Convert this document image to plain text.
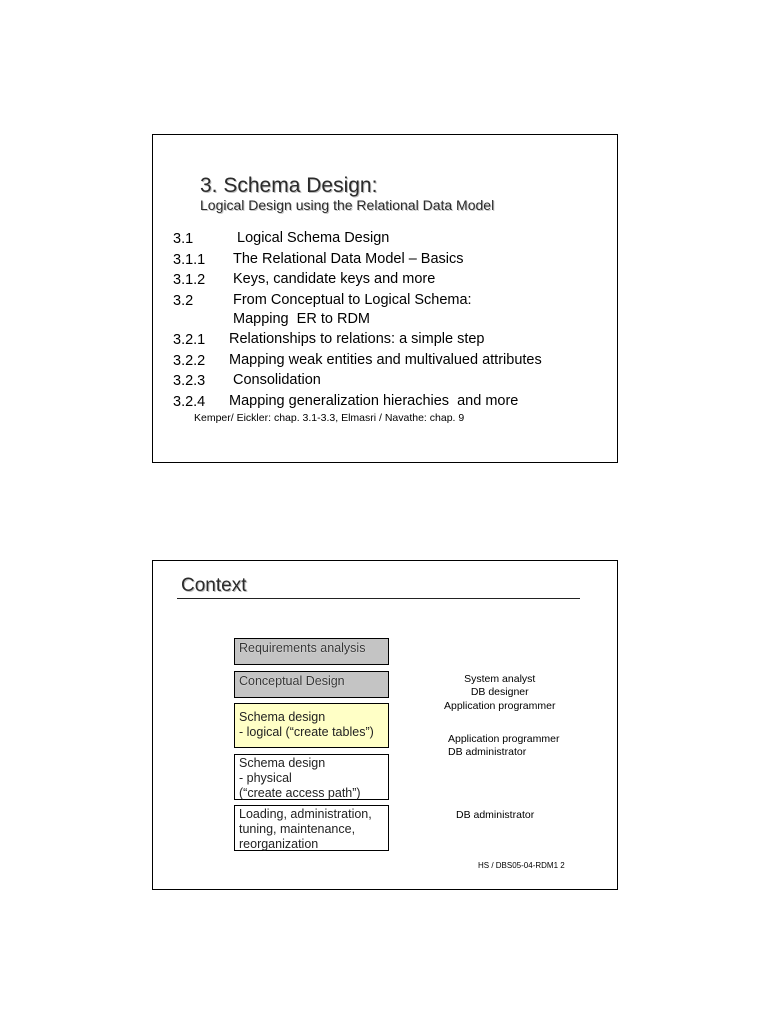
3. Schema Design:
Logical Design using the Relational Data Model
3.1	Logical Schema Design
3.1.1 The Relational Data Model – Basics
3.1.2 Keys, candidate keys and more
3.2	From Conceptual to Logical Schema:
Mapping  ER to RDM
3.2.1 Relationships to relations: a simple step
3.2.2 Mapping weak entities and multivalued attributes
3.2.3 Consolidation
3.2.4 Mapping generalization hierachies  and more
Kemper/ Eickler: chap. 3.1-3.3, Elmasri / Navathe: chap. 9
Context
Requirements analysis
Conceptual Design
Schema design
- logical (“create tables”)
Schema design
- physical
(“create access path”)
Loading, administration,
tuning, maintenance,
reorganization
System analyst
DB designer
Application programmer
Application programmer
DB administrator
DB administrator
HS / DBS05-04-RDM1 2
